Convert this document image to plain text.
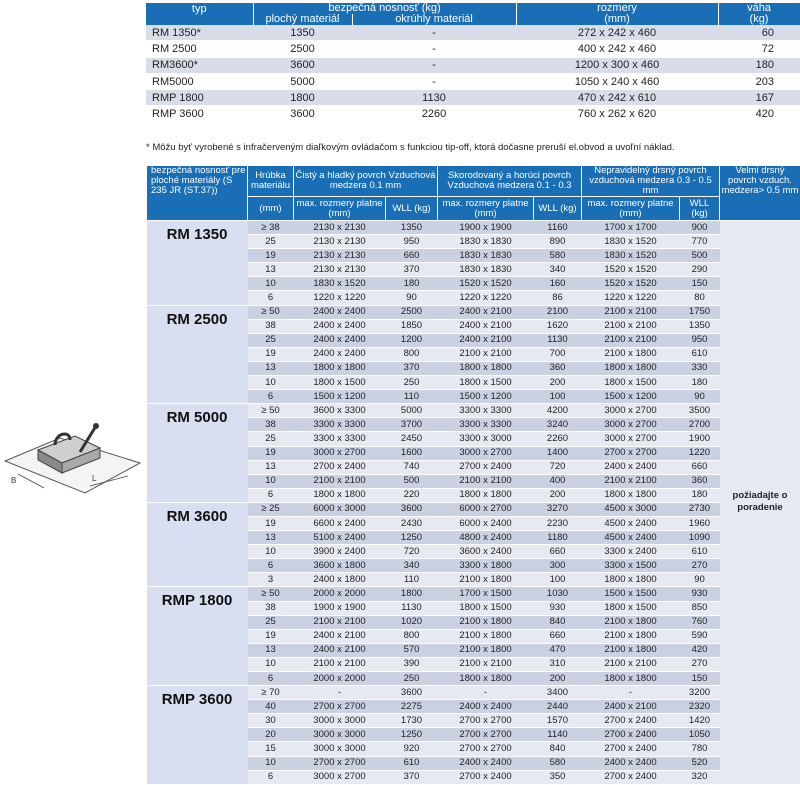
typ	bezpečná nosnosť (kg)		rozmery
(mm)	váha
(kg)
	plochý materiál	okrúhly materiál		
RM 1350*	1350	-	272 x 242 x 460	60
RM 2500	2500	-	400 x 242 x 460	72
RM3600*	3600	-	1200 x 300 x 460	180
RM5000	5000	-	1050 x 240 x 460	203
RMP 1800	1800	1130	470 x 242 x 610	167
RMP 3600	3600	2260	760 x 262 x 620	420
* Môžu byť vyrobené s infračerveným diaľkovým ovládačom s funkciou tip-off, ktorá dočasne preruší el.obvod a uvoľní náklad.
bezpečná nosnosť pre ploché materiály (S 235 JR (ST.37))	Hrúbka materiálu	Čistý a hladký povrch Vzduchová medzera 0.1 mm		Skorodovaný a horúci povrch Vzduchová medzera 0.1 - 0.3		Nepravidelný drsný povrch vzduchová medzera 0.3 - 0.5 mm		Velmi drsný povrch vzduch. medzera> 0.5 mm
	(mm)	max. rozmery platne (mm)	WLL (kg)	max. rozmery platne (mm)	WLL (kg)	max. rozmery platne (mm)	WLL (kg)	
RM 1350	≥ 38	2130 x 2130	1350	1900 x 1900	1160	1700 x 1700	900	požiadajte o poradenie
	25	2130 x 2130	950	1830 x 1830	890	1830 x 1520	770	
	19	2130 x 2130	660	1830 x 1830	580	1830 x 1520	500	
	13	2130 x 2130	370	1830 x 1830	340	1520 x 1520	290	
	10	1830 x 1520	180	1520 x 1520	160	1520 x 1520	150	
	6	1220 x 1220	90	1220 x 1220	86	1220 x 1220	80	
RM 2500	≥ 50	2400 x 2400	2500	2400 x 2100	2100	2100 x 2100	1750	
	38	2400 x 2400	1850	2400 x 2100	1620	2100 x 2100	1350	
	25	2400 x 2400	1200	2400 x 2100	1130	2100 x 2100	950	
	19	2400 x 2400	800	2100 x 2100	700	2100 x 1800	610	
	13	1800 x 1800	370	1800 x 1800	360	1800 x 1800	330	
	10	1800 x 1500	250	1800 x 1500	200	1800 x 1500	180	
	6	1500 x 1200	110	1500 x 1200	100	1500 x 1200	90	
RM 5000	≥ 50	3600 x 3300	5000	3300 x 3300	4200	3000 x 2700	3500	
	38	3300 x 3300	3700	3300 x 3300	3240	3000 x 2700	2700	
	25	3300 x 3300	2450	3300 x 3000	2260	3000 x 2700	1900	
	19	3000 x 2700	1600	3000 x 2700	1400	2700 x 2700	1220	
	13	2700 x 2400	740	2700 x 2400	720	2400 x 2400	660	
	10	2100 x 2100	500	2100 x 2100	400	2100 x 2100	360	
	6	1800 x 1800	220	1800 x 1800	200	1800 x 1800	180	
RM 3600	≥ 25	6000 x 3000	3600	6000 x 2700	3270	4500 x 3000	2730	
	19	6600 x 2400	2430	6000 x 2400	2230	4500 x 2400	1960	
	13	5100 x 2400	1250	4800 x 2400	1180	4500 x 2400	1090	
	10	3900 x 2400	720	3600 x 2400	660	3300 x 2400	610	
	6	3600 x 1800	340	3300 x 1800	300	3300 x 1500	270	
	3	2400 x 1800	110	2100 x 1800	100	1800 x 1800	90	
RMP 1800	≥ 50	2000 x 2000	1800	1700 x 1500	1030	1500 x 1500	930	
	38	1900 x 1900	1130	1800 x 1500	930	1800 x 1500	850	
	25	2100 x 2100	1020	2100 x 1800	840	2100 x 1800	760	
	19	2400 x 2100	800	2100 x 1800	660	2100 x 1800	590	
	13	2400 x 2100	570	2100 x 1800	470	2100 x 1800	420	
	10	2100 x 2100	390	2100 x 2100	310	2100 x 2100	270	
	6	2000 x 2000	250	1800 x 1800	200	1800 x 1800	150	
RMP 3600	≥ 70	-	3600	-	3400	-	3200	
	40	2700 x 2700	2275	2400 x 2400	2440	2400 x 2100	2320	
	30	3000 x 3000	1730	2700 x 2700	1570	2700 x 2400	1420	
	20	3000 x 3000	1250	2700 x 2700	1140	2700 x 2400	1050	
	15	3000 x 3000	920	2700 x 2700	840	2700 x 2400	780	
	10	2700 x 2700	610	2400 x 2400	580	2400 x 2400	520	
	6	3000 x 2700	370	2700 x 2400	350	2700 x 2400	320	
B	L
